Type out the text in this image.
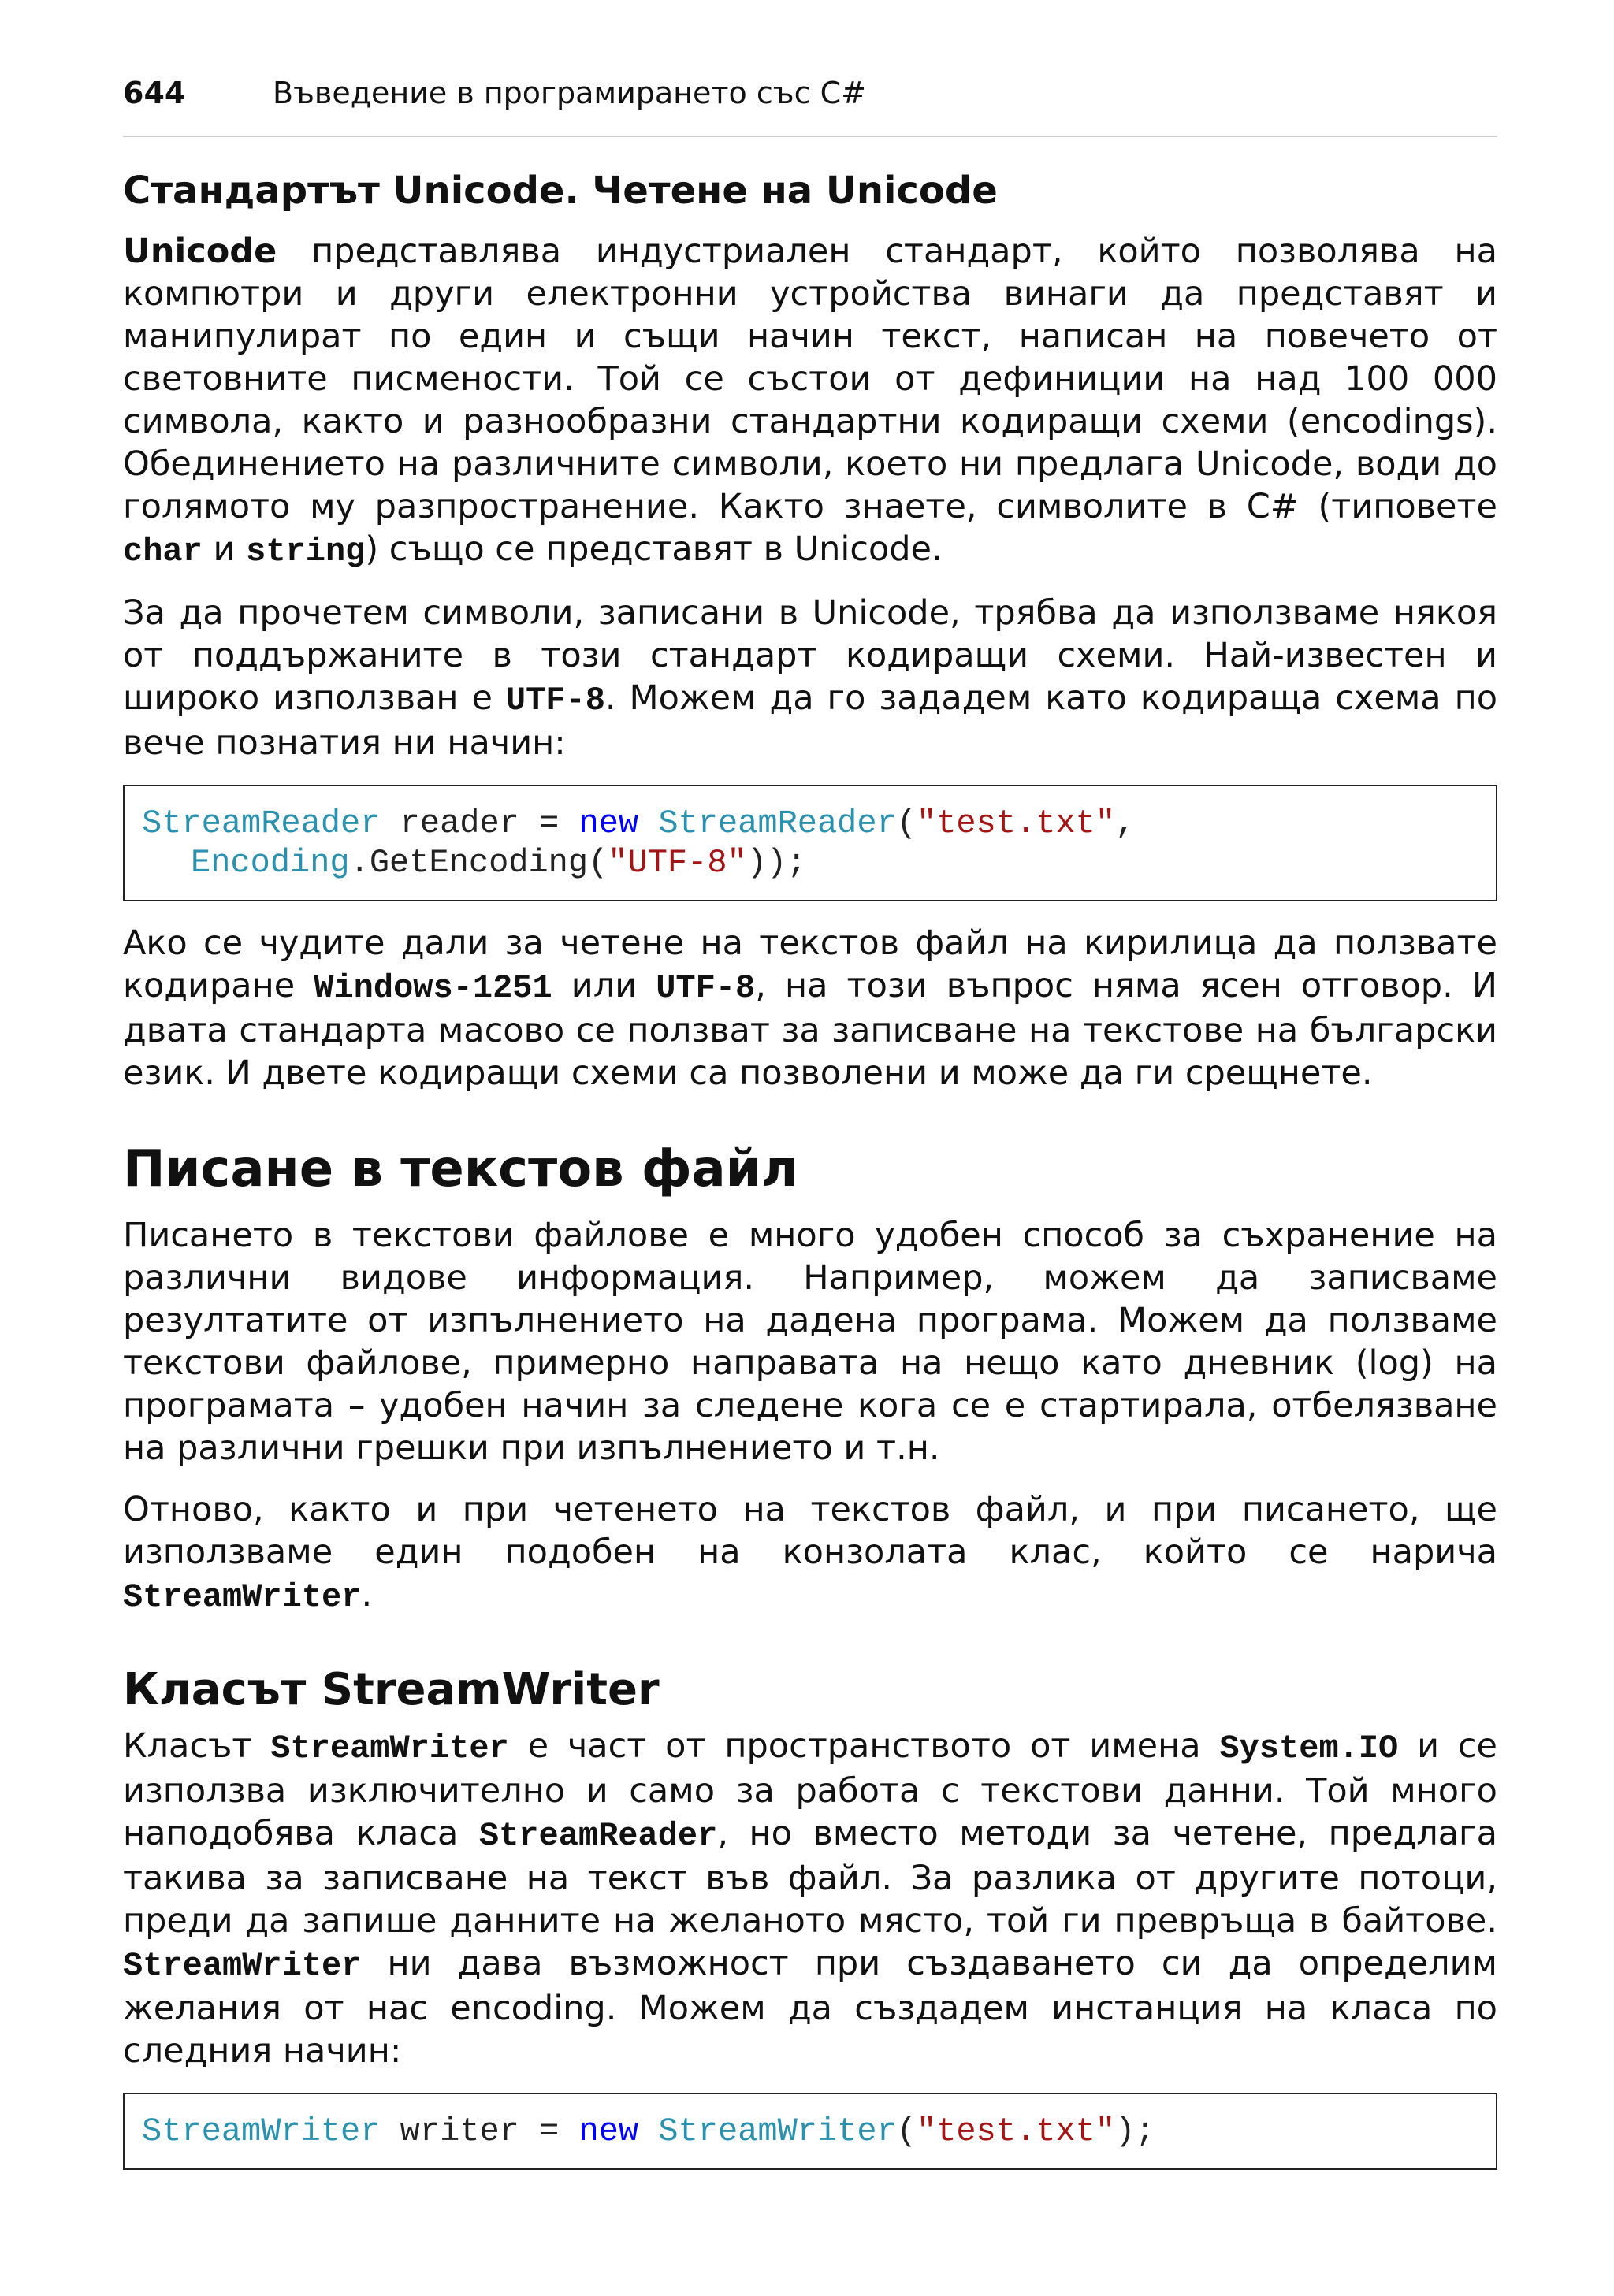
644	Въведение в програмирането със C#
Стандартът Unicode. Четене на Unicode

Unicode представлява индустриален стандарт, който позволява на компютри и други електронни устройства винаги да представят и манипулират по един и същи начин текст, написан на повечето от световните писмености. Той се състои от дефиниции на над 100 000 символа, както и разнообразни стандартни кодиращи схеми (encodings). Обединението на различните символи, което ни предлага Unicode, води до голямото му разпространение. Както знаете, символите в C# (типовете char и string) също се представят в Unicode.

За да прочетем символи, записани в Unicode, трябва да използваме някоя от поддържаните в този стандарт кодиращи схеми. Най-известен и широко използван е UTF-8. Можем да го зададем като кодираща схема по вече познатия ни начин:

StreamReader reader = new StreamReader("test.txt",
Encoding.GetEncoding("UTF-8"));

Ако се чудите дали за четене на текстов файл на кирилица да ползвате кодиране Windows-1251 или UTF-8, на този въпрос няма ясен отговор. И двата стандарта масово се ползват за записване на текстове на български език. И двете кодиращи схеми са позволени и може да ги срещнете.

Писане в текстов файл

Писането в текстови файлове е много удобен способ за съхранение на различни видове информация. Например, можем да записваме резултатите от изпълнението на дадена програма. Можем да ползваме текстови файлове, примерно направата на нещо като дневник (log) на програмата – удобен начин за следене кога се е стартирала, отбелязване на различни грешки при изпълнението и т.н.

Отново, както и при четенето на текстов файл, и при писането, ще използваме един подобен на конзолата клас, който се нарича StreamWriter.

Класът StreamWriter

Класът StreamWriter е част от пространството от имена System.IO и се използва изключително и само за работа с текстови данни. Той много наподобява класа StreamReader, но вместо методи за четене, предлага такива за записване на текст във файл. За разлика от другите потоци, преди да запише данните на желаното място, той ги превръща в байтове. StreamWriter ни дава възможност при създаването си да определим желания от нас encoding. Можем да създадем инстанция на класа по следния начин:

StreamWriter writer = new StreamWriter("test.txt");
